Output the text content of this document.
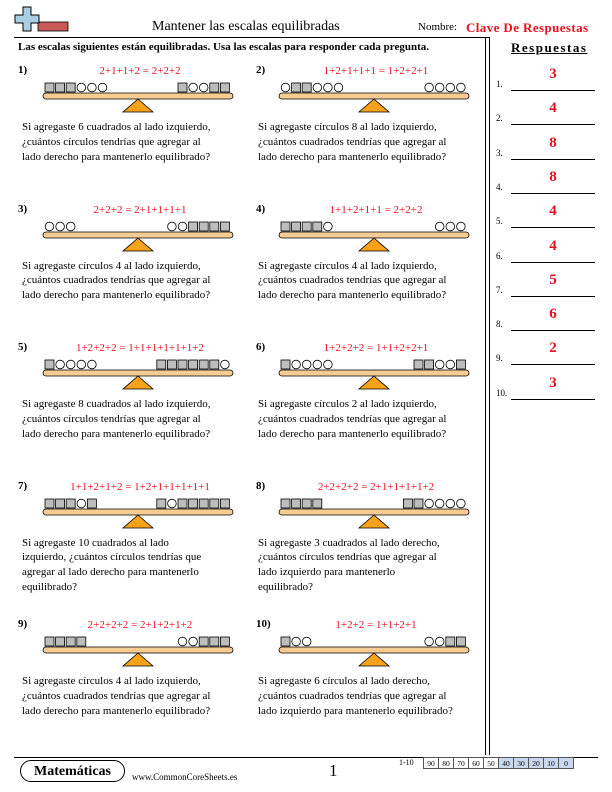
Mantener las escalas equilibradas	Nombre: Clave De Respuestas
Las escalas siguientes están equilibradas. Usa las escalas para responder cada pregunta.	Respuestas
1.
3
2.
4
3.
8
4.
8
5.
4
6.
4
7.
5
8.
6
9.
2
10.
3
1)	2+1+1+2 = 2+2+2
Si agregaste 6 cuadrados al lado izquierdo,
¿cuántos círculos tendrías que agregar al
lado derecho para mantenerlo equilibrado?
2)	1+2+1+1+1 = 1+2+2+1
Si agregaste círculos 8 al lado izquierdo,
¿cuántos cuadrados tendrías que agregar al
lado derecho para mantenerlo equilibrado?
3)	2+2+2 = 2+1+1+1+1
Si agregaste círculos 4 al lado izquierdo,
¿cuántos cuadrados tendrías que agregar al
lado derecho para mantenerlo equilibrado?
4)	1+1+2+1+1 = 2+2+2
Si agregaste círculos 4 al lado izquierdo,
¿cuántos cuadrados tendrías que agregar al
lado derecho para mantenerlo equilibrado?
5)	1+2+2+2 = 1+1+1+1+1+1+2
Si agregaste 8 cuadrados al lado izquierdo,
¿cuántos círculos tendrías que agregar al
lado derecho para mantenerlo equilibrado?
6)	1+2+2+2 = 1+1+2+2+1
Si agregaste círculos 2 al lado izquierdo,
¿cuántos cuadrados tendrías que agregar al
lado derecho para mantenerlo equilibrado?
7)	1+1+2+1+2 = 1+2+1+1+1+1+1
Si agregaste 10 cuadrados al lado
izquierdo, ¿cuántos círculos tendrías que
agregar al lado derecho para mantenerlo
equilibrado?
8)	2+2+2+2 = 2+1+1+1+1+2
Si agregaste 3 cuadrados al lado derecho,
¿cuántos círculos tendrías que agregar al
lado izquierdo para mantenerlo
equilibrado?
9)	2+2+2+2 = 2+1+2+1+2
Si agregaste círculos 4 al lado izquierdo,
¿cuántos cuadrados tendrías que agregar al
lado derecho para mantenerlo equilibrado?
10)	1+2+2 = 1+1+2+1
Si agregaste 6 círculos al lado derecho,
¿cuántos cuadrados tendrías que agregar al
lado izquierdo para mantenerlo equilibrado?
Matemáticas	www.CommonCoreSheets.es	1	1-10	90	80	70	60	50	40	30	20	10	0
